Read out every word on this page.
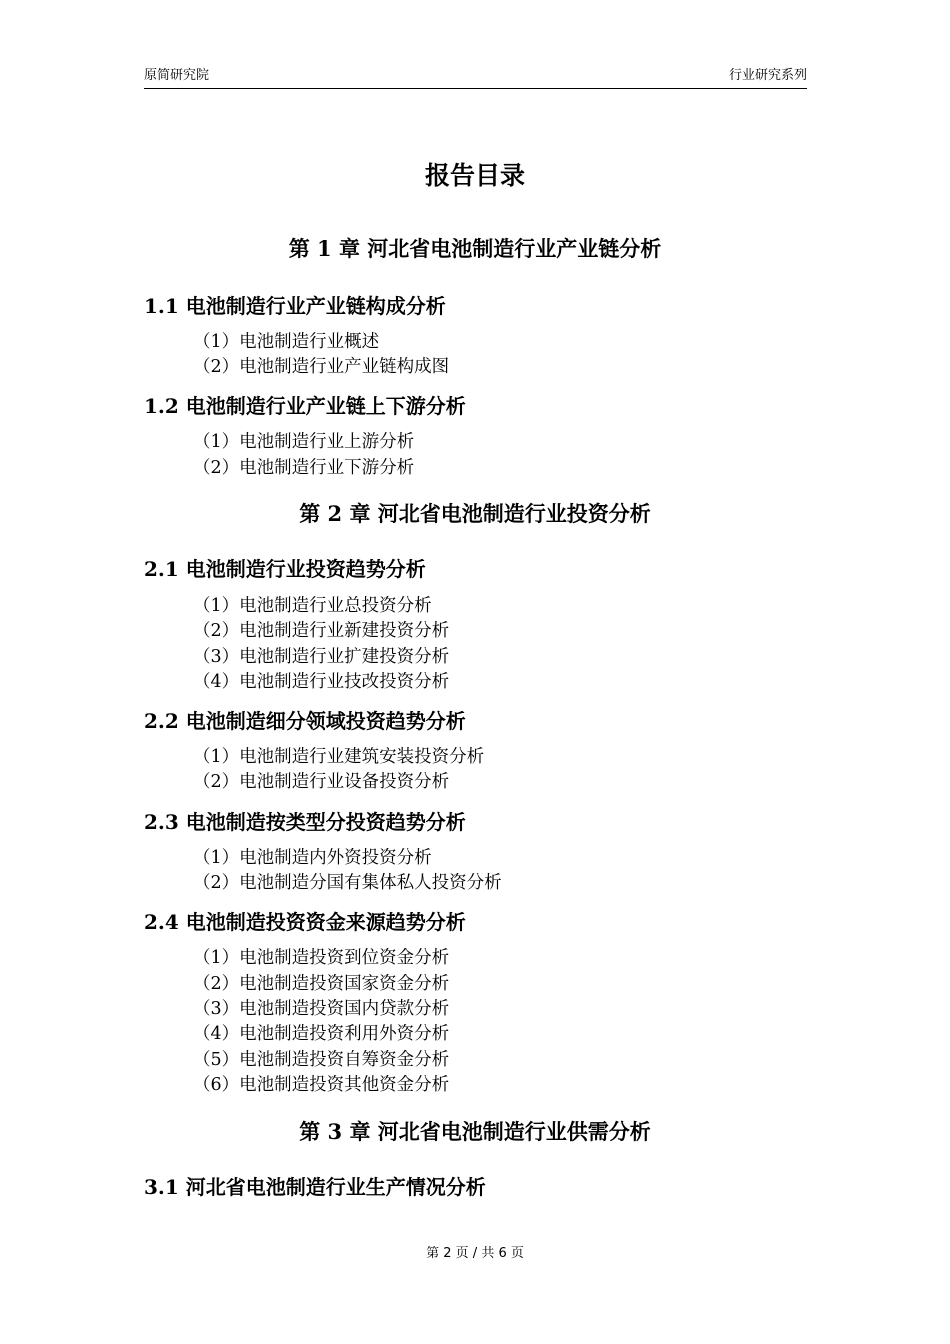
原简研究院	行业研究系列
报告目录
第 1 章 河北省电池制造行业产业链分析
1.1 电池制造行业产业链构成分析
（1）电池制造行业概述
（2）电池制造行业产业链构成图
1.2 电池制造行业产业链上下游分析
（1）电池制造行业上游分析
（2）电池制造行业下游分析
第 2 章 河北省电池制造行业投资分析
2.1 电池制造行业投资趋势分析
（1）电池制造行业总投资分析
（2）电池制造行业新建投资分析
（3）电池制造行业扩建投资分析
（4）电池制造行业技改投资分析
2.2 电池制造细分领域投资趋势分析
（1）电池制造行业建筑安装投资分析
（2）电池制造行业设备投资分析
2.3 电池制造按类型分投资趋势分析
（1）电池制造内外资投资分析
（2）电池制造分国有集体私人投资分析
2.4 电池制造投资资金来源趋势分析
（1）电池制造投资到位资金分析
（2）电池制造投资国家资金分析
（3）电池制造投资国内贷款分析
（4）电池制造投资利用外资分析
（5）电池制造投资自筹资金分析
（6）电池制造投资其他资金分析
第 3 章 河北省电池制造行业供需分析
3.1 河北省电池制造行业生产情况分析
第 2 页 / 共 6 页
